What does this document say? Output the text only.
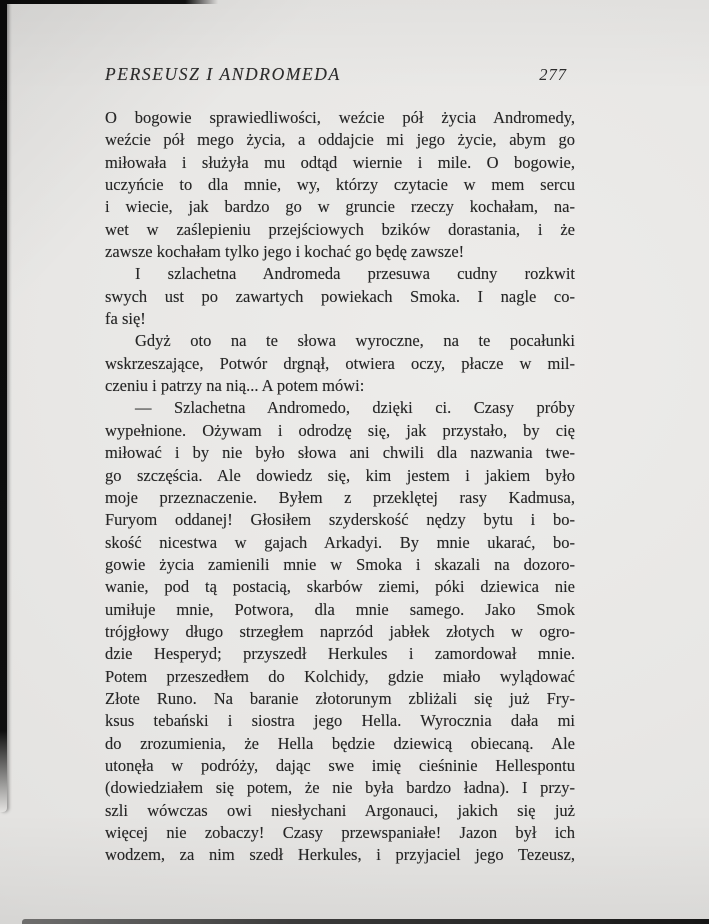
PERSEUSZ I ANDROMEDA	277
O bogowie sprawiedliwości, weźcie pół życia Andromedy,
weźcie pół mego życia, a oddajcie mi jego życie, abym go
miłowała i służyła mu odtąd wiernie i mile. O bogowie,
uczyńcie to dla mnie, wy, którzy czytacie w mem sercu
i wiecie, jak bardzo go w gruncie rzeczy kochałam, na-
wet w zaślepieniu przejściowych bzików dorastania, i że
zawsze kochałam tylko jego i kochać go będę zawsze!
I szlachetna Andromeda przesuwa cudny rozkwit
swych ust po zawartych powiekach Smoka. I nagle co-
fa się!
Gdyż oto na te słowa wyroczne, na te pocałunki
wskrzeszające, Potwór drgnął, otwiera oczy, płacze w mil-
czeniu i patrzy na nią... A potem mówi:
— Szlachetna Andromedo, dzięki ci. Czasy próby
wypełnione. Ożywam i odrodzę się, jak przystało, by cię
miłować i by nie było słowa ani chwili dla nazwania twe-
go szczęścia. Ale dowiedz się, kim jestem i jakiem było
moje przeznaczenie. Byłem z przeklętej rasy Kadmusa,
Furyom oddanej! Głosiłem szyderskość nędzy bytu i bo-
skość nicestwa w gajach Arkadyi. By mnie ukarać, bo-
gowie życia zamienili mnie w Smoka i skazali na dozoro-
wanie, pod tą postacią, skarbów ziemi, póki dziewica nie
umiłuje mnie, Potwora, dla mnie samego. Jako Smok
trójgłowy długo strzegłem naprzód jabłek złotych w ogro-
dzie Hesperyd; przyszedł Herkules i zamordował mnie.
Potem przeszedłem do Kolchidy, gdzie miało wylądować
Złote Runo. Na baranie złotorunym zbliżali się już Fry-
ksus tebański i siostra jego Hella. Wyrocznia dała mi
do zrozumienia, że Hella będzie dziewicą obiecaną. Ale
utonęła w podróży, dając swe imię cieśninie Hellespontu
(dowiedziałem się potem, że nie była bardzo ładna). I przy-
szli wówczas owi niesłychani Argonauci, jakich się już
więcej nie zobaczy! Czasy przewspaniałe! Jazon był ich
wodzem, za nim szedł Herkules, i przyjaciel jego Tezeusz,
